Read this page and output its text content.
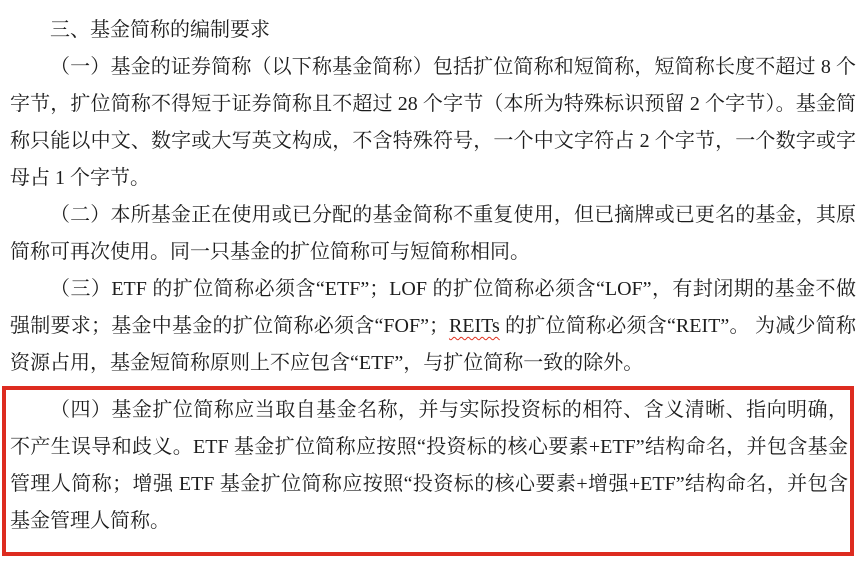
三、基金简称的编制要求

（一）基金的证券简称（以下称基金简称）包括扩位简称和短简称，短简称长度不超过 8 个字节，扩位简称不得短于证券简称且不超过 28 个字节（本所为特殊标识预留 2 个字节）。基金简称只能以中文、数字或大写英文构成，不含特殊符号，一个中文字符占 2 个字节，一个数字或字母占 1 个字节。

（二）本所基金正在使用或已分配的基金简称不重复使用，但已摘牌或已更名的基金，其原简称可再次使用。同一只基金的扩位简称可与短简称相同。

（三）ETF 的扩位简称必须含“ETF”；LOF 的扩位简称必须含“LOF”，有封闭期的基金不做强制要求；基金中基金的扩位简称必须含“FOF”；REITs 的扩位简称必须含“REIT”。 为减少简称资源占用，基金短简称原则上不应包含“ETF”，与扩位简称一致的除外。

（四）基金扩位简称应当取自基金名称，并与实际投资标的相符、含义清晰、指向明确，不产生误导和歧义。ETF 基金扩位简称应按照“投资标的核心要素+ETF”结构命名，并包含基金管理人简称；增强 ETF 基金扩位简称应按照“投资标的核心要素+增强+ETF”结构命名，并包含基金管理人简称。
